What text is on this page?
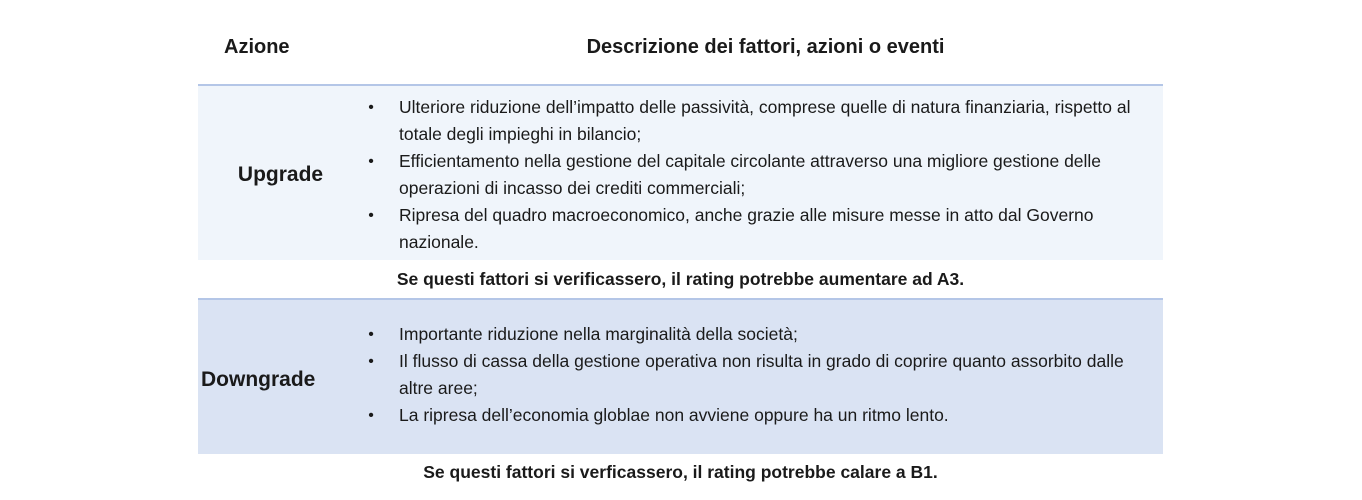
Azione	Descrizione dei fattori, azioni o eventi
Upgrade
• Ulteriore riduzione dell’impatto delle passività, comprese quelle di natura finanziaria, rispetto al totale degli impieghi in bilancio;
• Efficientamento nella gestione del capitale circolante attraverso una migliore gestione delle operazioni di incasso dei crediti commerciali;
• Ripresa del quadro macroeconomico, anche grazie alle misure messe in atto dal Governo nazionale.
Se questi fattori si verificassero, il rating potrebbe aumentare ad A3.
Downgrade
• Importante riduzione nella marginalità della società;
• Il flusso di cassa della gestione operativa non risulta in grado di coprire quanto assorbito dalle altre aree;
• La ripresa dell’economia globlae non avviene oppure ha un ritmo lento.
Se questi fattori si verficassero, il rating potrebbe calare a B1.
